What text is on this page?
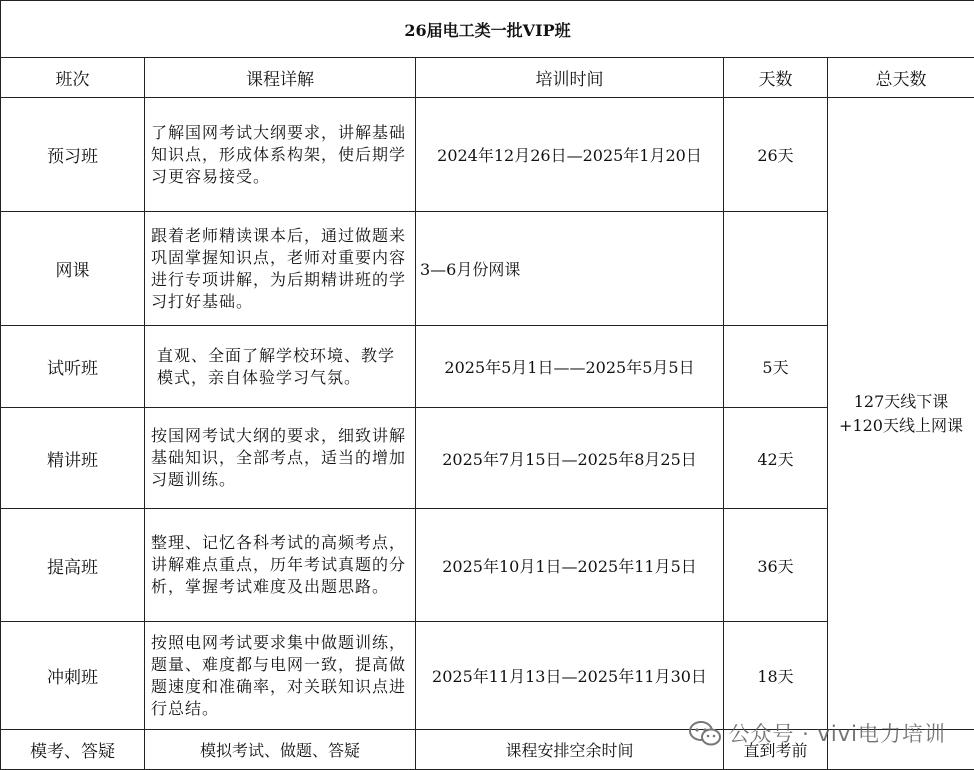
26届电工类一批VIP班				
班次	课程详解	培训时间	天数	总天数
预习班	了解国网考试大纲要求，讲解基础知识点，形成体系构架，使后期学习更容易接受。	2024年12月26日—2025年1月20日	26天	127天线下课
+120天线上网课

网课	跟着老师精读课本后，通过做题来巩固掌握知识点，老师对重要内容进行专项讲解，为后期精讲班的学习打好基础。	3—6月份网课		
试听班	直观、全面了解学校环境、教学模式，亲自体验学习气氛。	2025年5月1日——2025年5月5日	5天	
精讲班	按国网考试大纲的要求，细致讲解基础知识，全部考点，适当的增加习题训练。	2025年7月15日—2025年8月25日	42天	
提高班	整理、记忆各科考试的高频考点，讲解难点重点，历年考试真题的分析，掌握考试难度及出题思路。	2025年10月1日—2025年11月5日	36天	
冲刺班	按照电网考试要求集中做题训练，题量、难度都与电网一致，提高做题速度和准确率，对关联知识点进行总结。	2025年11月13日—2025年11月30日	18天	
模考、答疑	模拟考试、做题、答疑	课程安排空余时间	直到考前	
公众号 · vivi电力培训
